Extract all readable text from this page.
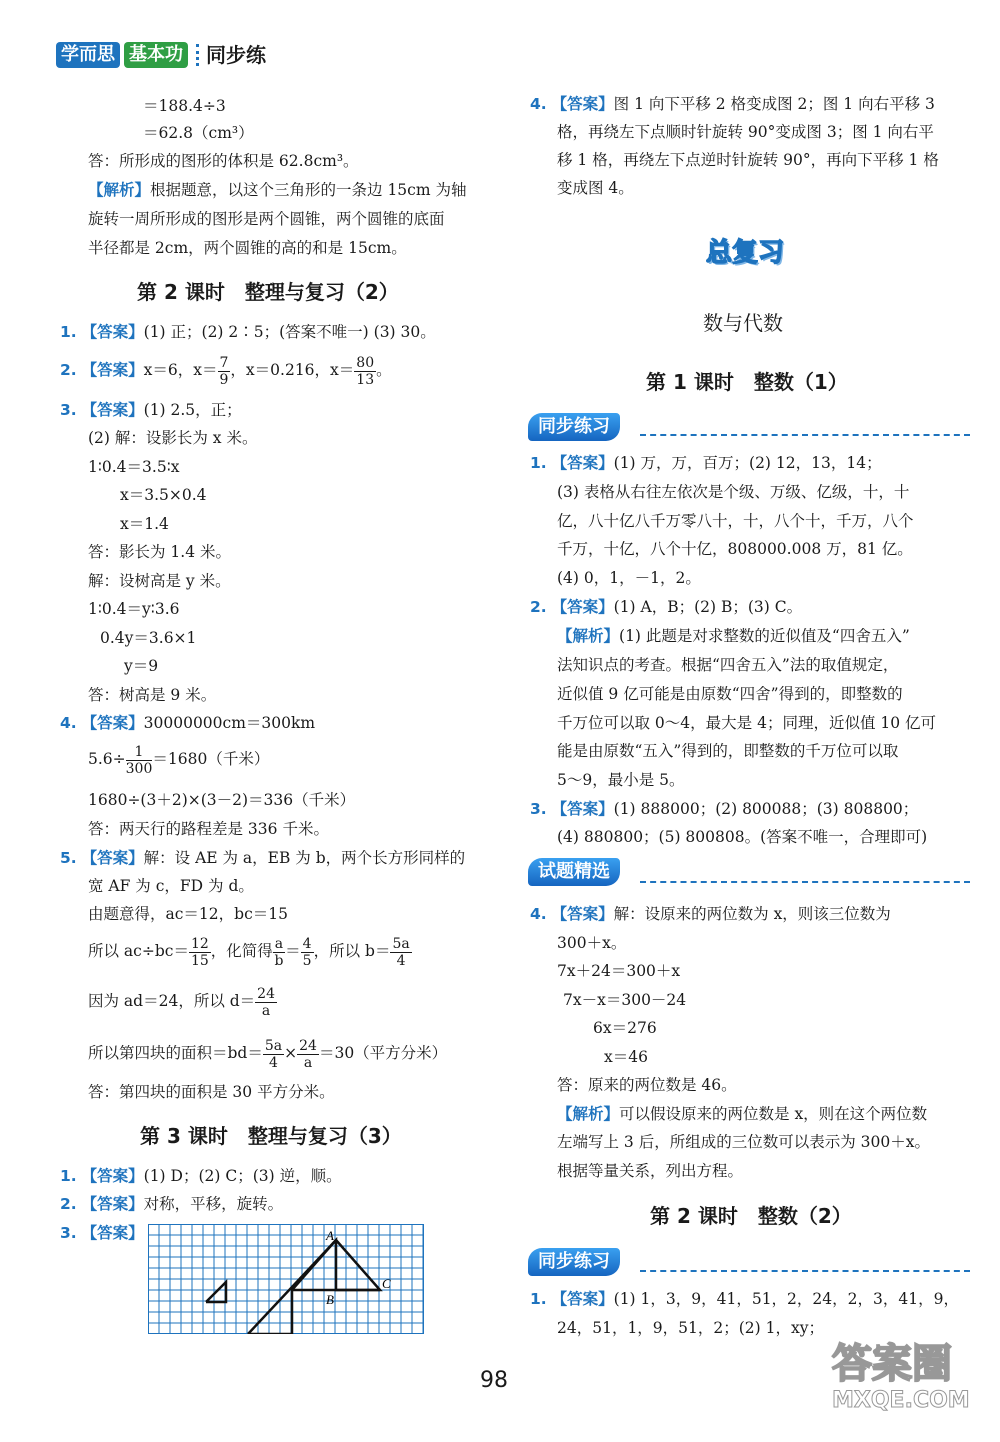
学而思 基本功 同步练
＝188.4÷3
＝62.8（cm³）
答：所形成的图形的体积是 62.8cm³。
【解析】根据题意，以这个三角形的一条边 15cm 为轴
旋转一周所形成的图形是两个圆锥，两个圆锥的底面
半径都是 2cm，两个圆锥的高的和是 15cm。
第 2 课时　整理与复习（2）
1. 【答案】(1) 正；(2) 2∶5；(答案不唯一) (3) 30。
2. 【答案】x＝6，$x= \frac{7}{9}$ ，x＝0.216，$x= \frac{80}{13}$ 。
3. 【答案】(1) 2.5，正；
(2) 解：设影长为 x 米。
1∶0.4＝3.5∶x
x＝3.5×0.4
x＝1.4
答：影长为 1.4 米。
解：设树高是 y 米。
1∶0.4＝y∶3.6
0.4y＝3.6×1
y＝9
答：树高是 9 米。
4. 【答案】30000000cm＝300km
$5.6\div \frac{1}{300} =1680$（千米）
1680÷(3＋2)×(3－2)＝336（千米）
答：两天行的路程差是 336 千米。
5. 【答案】解：设 AE 为 a，EB 为 b，两个长方形同样的
宽 AF 为 c，FD 为 d。
由题意得，ac＝12，bc＝15
所以 $ac\div bc= \frac{12}{15}$ ，化简得 $\frac{a}{b} = \frac{4}{5}$ ，所以 $b= \frac{5a}{4}$
因为 ad＝24，所以 $d= \frac{24}{a}$
所以第四块的面积$=bd= \frac{5a}{4} \times \frac{24}{a} =30$（平方分米）
答：第四块的面积是 30 平方分米。
第 3 课时　整理与复习（3）
1. 【答案】(1) D；(2) C；(3) 逆，顺。
2. 【答案】对称，平移，旋转。
3. 【答案】	A
B
C
4. 【答案】图 1 向下平移 2 格变成图 2；图 1 向右平移 3
格，再绕左下点顺时针旋转 90°变成图 3；图 1 向右平
移 1 格，再绕左下点逆时针旋转 90°，再向下平移 1 格
变成图 4。
总复习
数与代数
第 1 课时　整数（1）
同步练习
1. 【答案】(1) 万，万，百万；(2) 12，13，14；
(3) 表格从右往左依次是个级、万级、亿级，十，十
亿，八十亿八千万零八十，十，八个十，千万，八个
千万，十亿，八个十亿，808000.008 万，81 亿。
(4) 0，1，－1，2。
2. 【答案】(1) A，B；(2) B；(3) C。
【解析】(1) 此题是对求整数的近似值及“四舍五入”
法知识点的考查。根据“四舍五入”法的取值规定，
近似值 9 亿可能是由原数“四舍”得到的，即整数的
千万位可以取 0～4，最大是 4；同理，近似值 10 亿可
能是由原数“五入”得到的，即整数的千万位可以取
5～9，最小是 5。
3. 【答案】(1) 888000；(2) 800088；(3) 808800；
(4) 880800；(5) 800808。(答案不唯一，合理即可)
试题精选
4. 【答案】解：设原来的两位数为 x，则该三位数为
300＋x。
7x＋24＝300＋x
7x－x＝300－24
6x＝276
x＝46
答：原来的两位数是 46。
【解析】可以假设原来的两位数是 x，则在这个两位数
左端写上 3 后，所组成的三位数可以表示为 300＋x。
根据等量关系，列出方程。
第 2 课时　整数（2）
同步练习
1. 【答案】(1) 1，3，9，41，51，2，24，2，3，41，9，
24，51，1，9，51，2；(2) 1，xy；
98	答案圈
MXQE.COM
